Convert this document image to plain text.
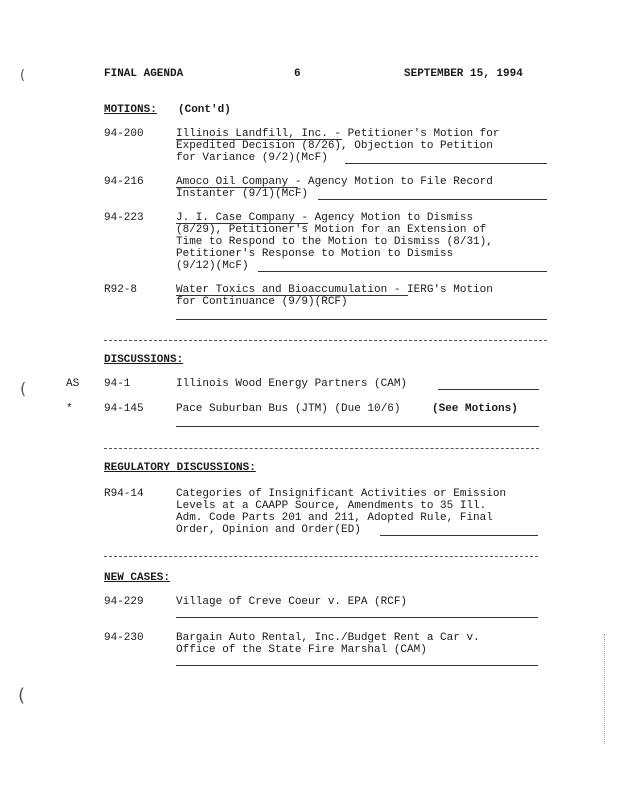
FINAL AGENDA	6	SEPTEMBER 15, 1994
(
(
(
MOTIONS: (Cont'd)
94-200	Illinois Landfill, Inc. - Petitioner's Motion for
Expedited Decision (8/26), Objection to Petition
for Variance (9/2)(McF)
94-216	Amoco Oil Company - Agency Motion to File Record
Instanter (9/1)(McF)
94-223	J. I. Case Company - Agency Motion to Dismiss
(8/29), Petitioner's Motion for an Extension of
Time to Respond to the Motion to Dismiss (8/31),
Petitioner's Response to Motion to Dismiss
(9/12)(McF)
R92-8	Water Toxics and Bioaccumulation - IERG's Motion
for Continuance (9/9)(RCF)
DISCUSSIONS:
AS 94-1	Illinois Wood Energy Partners (CAM)
*	94-145	Pace Suburban Bus (JTM) (Due 10/6)	(See Motions)
REGULATORY DISCUSSIONS:
R94-14	Categories of Insignificant Activities or Emission
Levels at a CAAPP Source, Amendments to 35 Ill.
Adm. Code Parts 201 and 211, Adopted Rule, Final
Order, Opinion and Order(ED)
NEW CASES:
94-229	Village of Creve Coeur v. EPA (RCF)
94-230	Bargain Auto Rental, Inc./Budget Rent a Car v.
Office of the State Fire Marshal (CAM)
